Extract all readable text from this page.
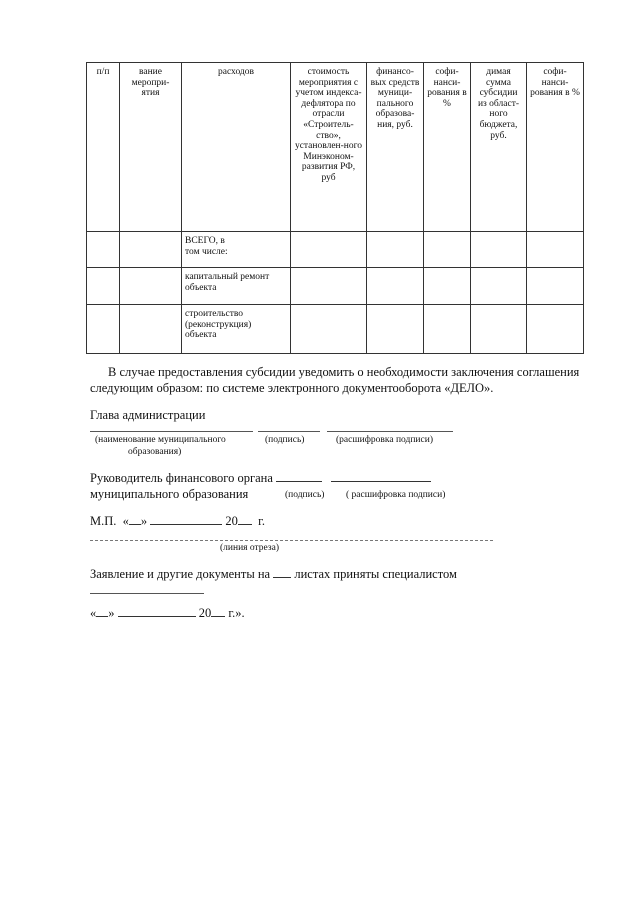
п/п	вание меропри-ятия	расходов	стоимость мероприятия с учетом индекса-дефлятора по отрасли «Строитель-ство», установлен-ного Минэконом-развития РФ, руб	финансо-вых средств муници-пального образова-ния, руб.	софи-нанси-рования в %	димая сумма субсидии из област-ного бюджета, руб.	софи-нанси-рования в %
		ВСЕГО, в
том числе:					
		капитальный ремонт
объекта					
		строительство
(реконструкция)
объекта					
В случае предоставления субсидии уведомить о необходимости заключения соглашения
следующим образом: по системе электронного документооборота «ДЕЛО».
Глава администрации
(наименование муниципального
образования)
(подпись)	(расшифровка подписи)
Руководитель финансового органа
муниципального образования	(подпись) ( расшифровка подписи)
М.П. « »	20 г.
(линия отреза)
Заявление и другие документы на листах приняты специалистом
« »	20 г.».
